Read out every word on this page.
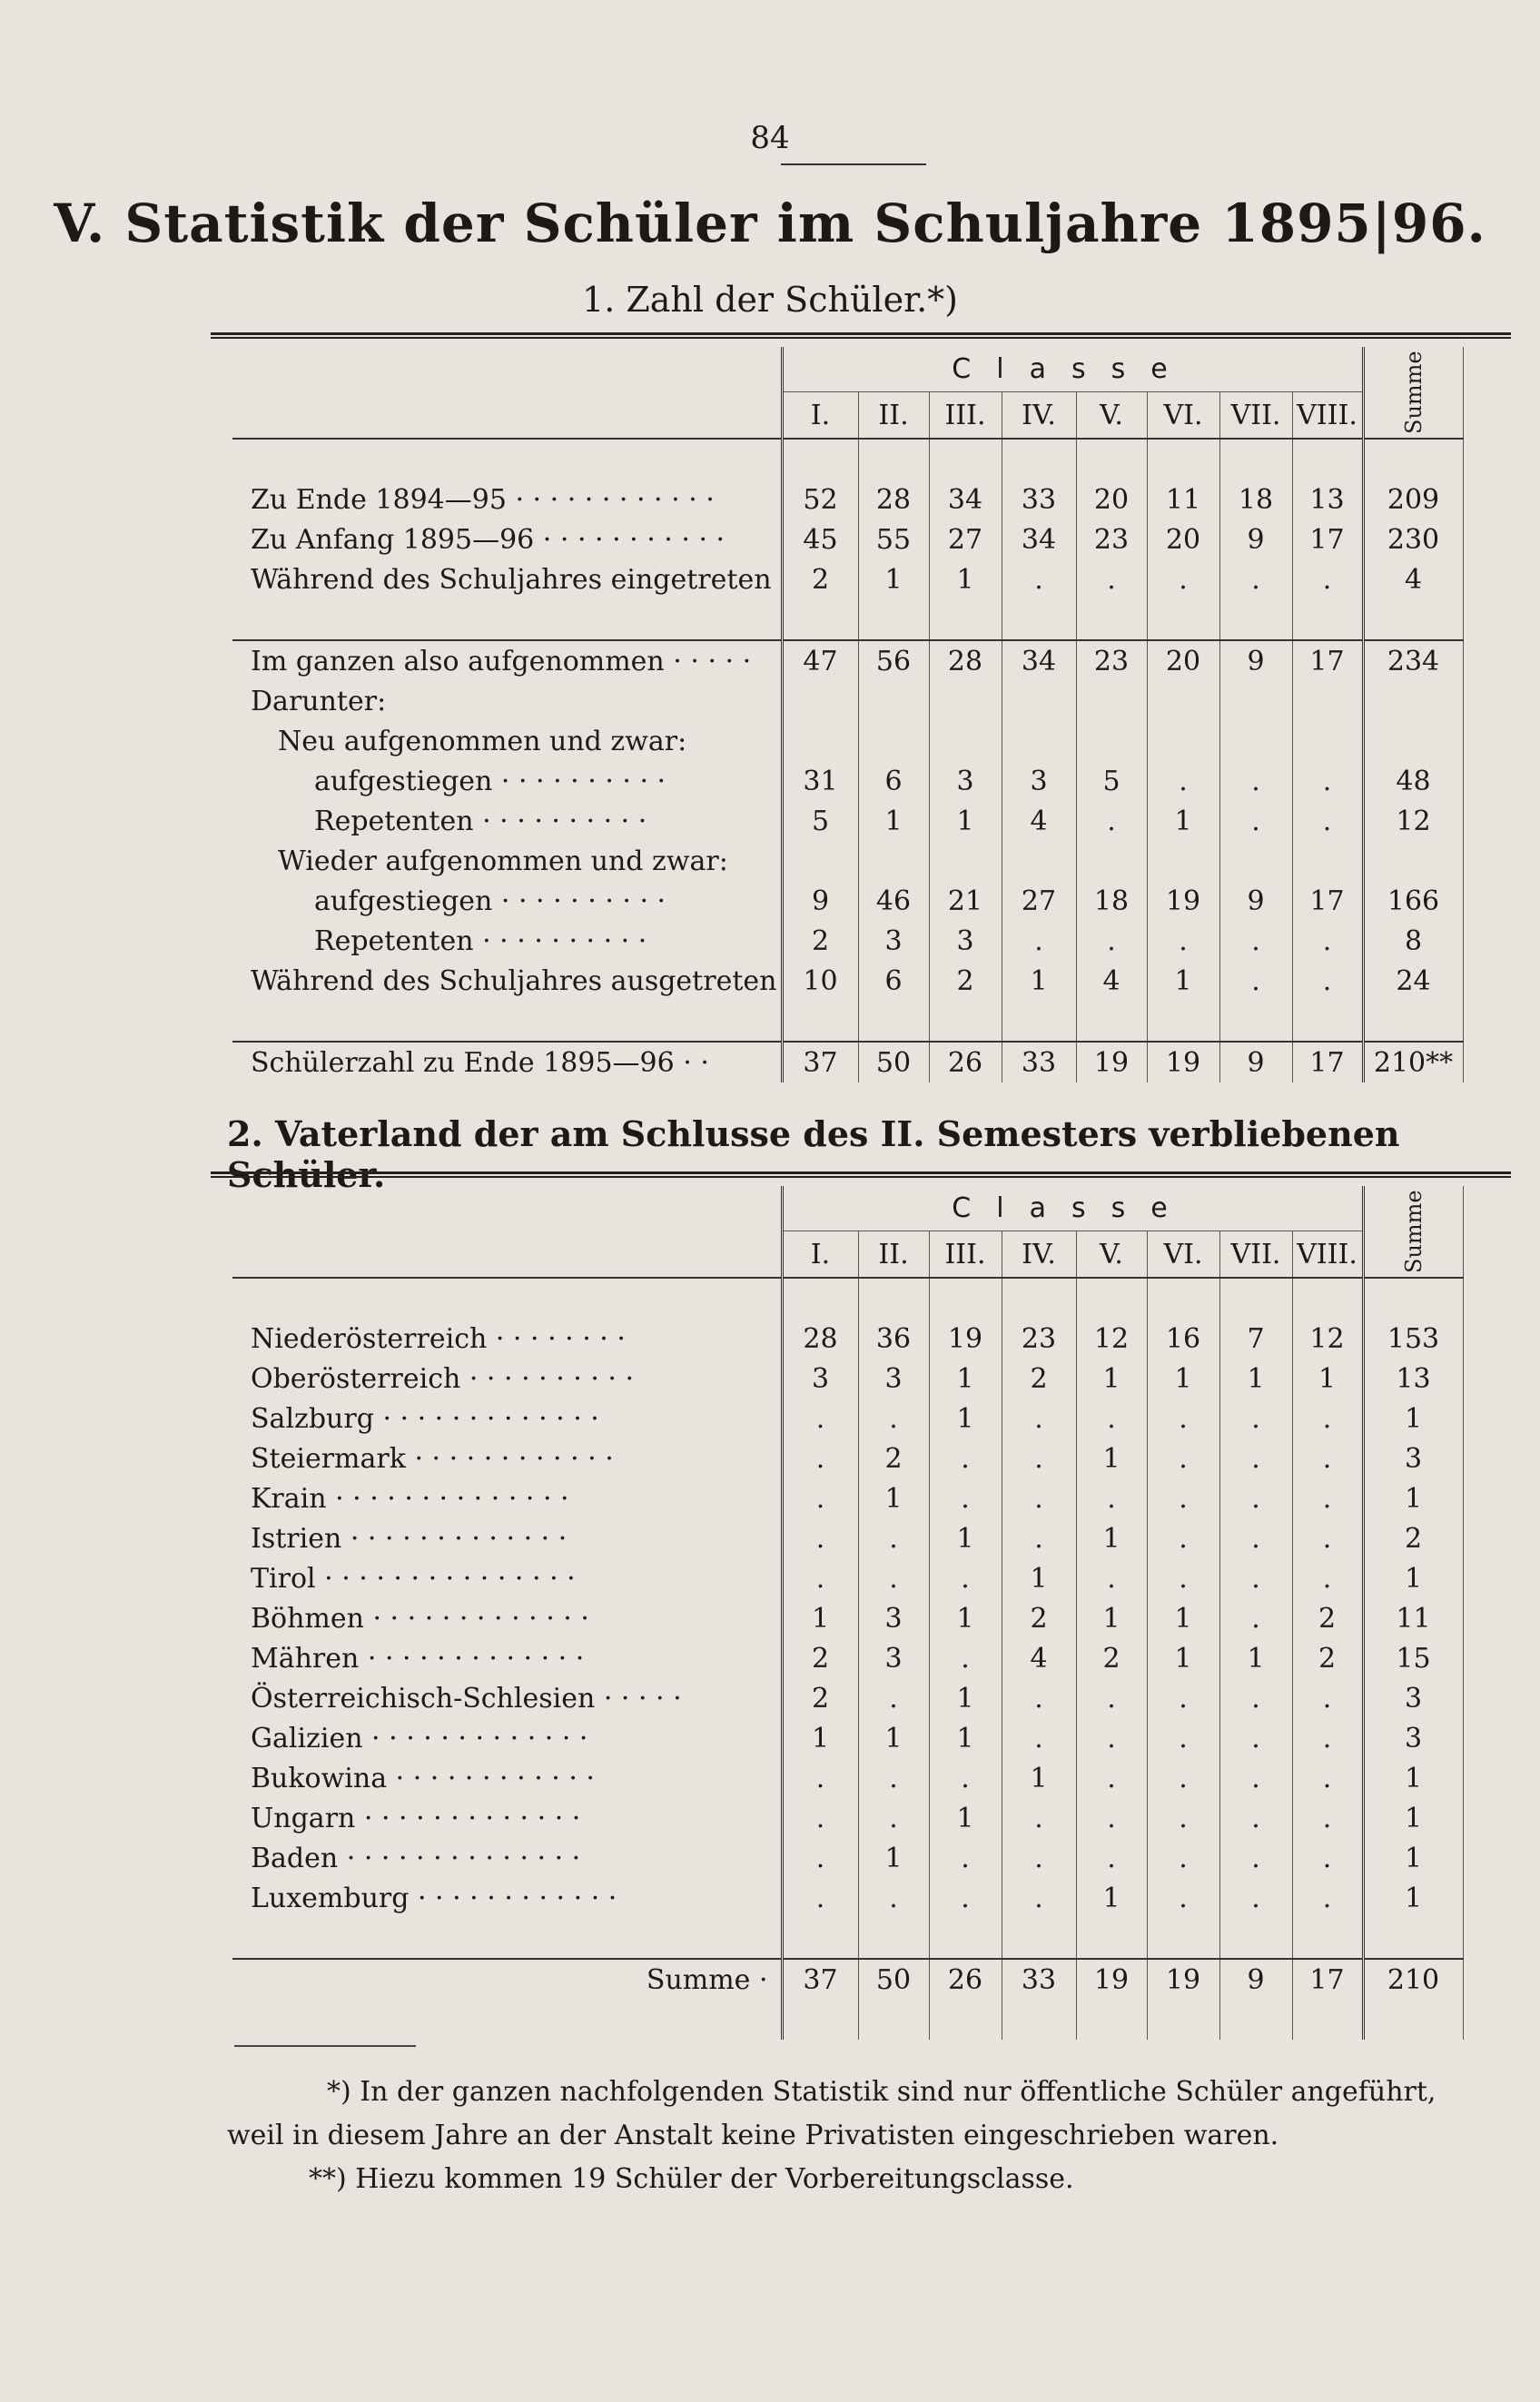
84
V. Statistik der Schüler im Schuljahre 1895|96.
1. Zahl der Schüler.*)
	Classe								Summe

	I.	II.	III.	IV.	V.	VI.	VII.	VIII.	

Zu Ende 1894—95 · · · · · · · · · · · ·	52	28	34	33	20	11	18	13	209
Zu Anfang 1895—96 · · · · · · · · · · ·	45	55	27	34	23	20	9	17	230
Während des Schuljahres eingetreten	2	1	1	.	.	.	.	.	4

Im ganzen also aufgenommen · · · · ·	47	56	28	34	23	20	9	17	234
Darunter:									
Neu aufgenommen und zwar:									
aufgestiegen · · · · · · · · · ·	31	6	3	3	5	.	.	.	48
Repetenten · · · · · · · · · ·	5	1	1	4	.	1	.	.	12
Wieder aufgenommen und zwar:									
aufgestiegen · · · · · · · · · ·	9	46	21	27	18	19	9	17	166
Repetenten · · · · · · · · · ·	2	3	3	.	.	.	.	.	8
Während des Schuljahres ausgetreten	10	6	2	1	4	1	.	.	24

Schülerzahl zu Ende 1895—96 · ·	37	50	26	33	19	19	9	17	210**
2. Vaterland der am Schlusse des II. Semesters verbliebenen Schüler.
	Classe								Summe

	I.	II.	III.	IV.	V.	VI.	VII.	VIII.	

Niederösterreich · · · · · · · ·	28	36	19	23	12	16	7	12	153
Oberösterreich · · · · · · · · · ·	3	3	1	2	1	1	1	1	13
Salzburg · · · · · · · · · · · · ·	.	.	1	.	.	.	.	.	1
Steiermark · · · · · · · · · · · ·	.	2	.	.	1	.	.	.	3
Krain · · · · · · · · · · · · · ·	.	1	.	.	.	.	.	.	1
Istrien · · · · · · · · · · · · ·	.	.	1	.	1	.	.	.	2
Tirol · · · · · · · · · · · · · · ·	.	.	.	1	.	.	.	.	1
Böhmen · · · · · · · · · · · · ·	1	3	1	2	1	1	.	2	11
Mähren · · · · · · · · · · · · ·	2	3	.	4	2	1	1	2	15
Österreichisch-Schlesien · · · · ·	2	.	1	.	.	.	.	.	3
Galizien · · · · · · · · · · · · ·	1	1	1	.	.	.	.	.	3
Bukowina · · · · · · · · · · · ·	.	.	.	1	.	.	.	.	1
Ungarn · · · · · · · · · · · · ·	.	.	1	.	.	.	.	.	1
Baden · · · · · · · · · · · · · ·	.	1	.	.	.	.	.	.	1
Luxemburg · · · · · · · · · · · ·	.	.	.	.	1	.	.	.	1

Summe ·	37	50	26	33	19	19	9	17	210

*) In der ganzen nachfolgenden Statistik sind nur öffentliche Schüler angeführt,

weil in diesem Jahre an der Anstalt keine Privatisten eingeschrieben waren.

**) Hiezu kommen 19 Schüler der Vorbereitungsclasse.
